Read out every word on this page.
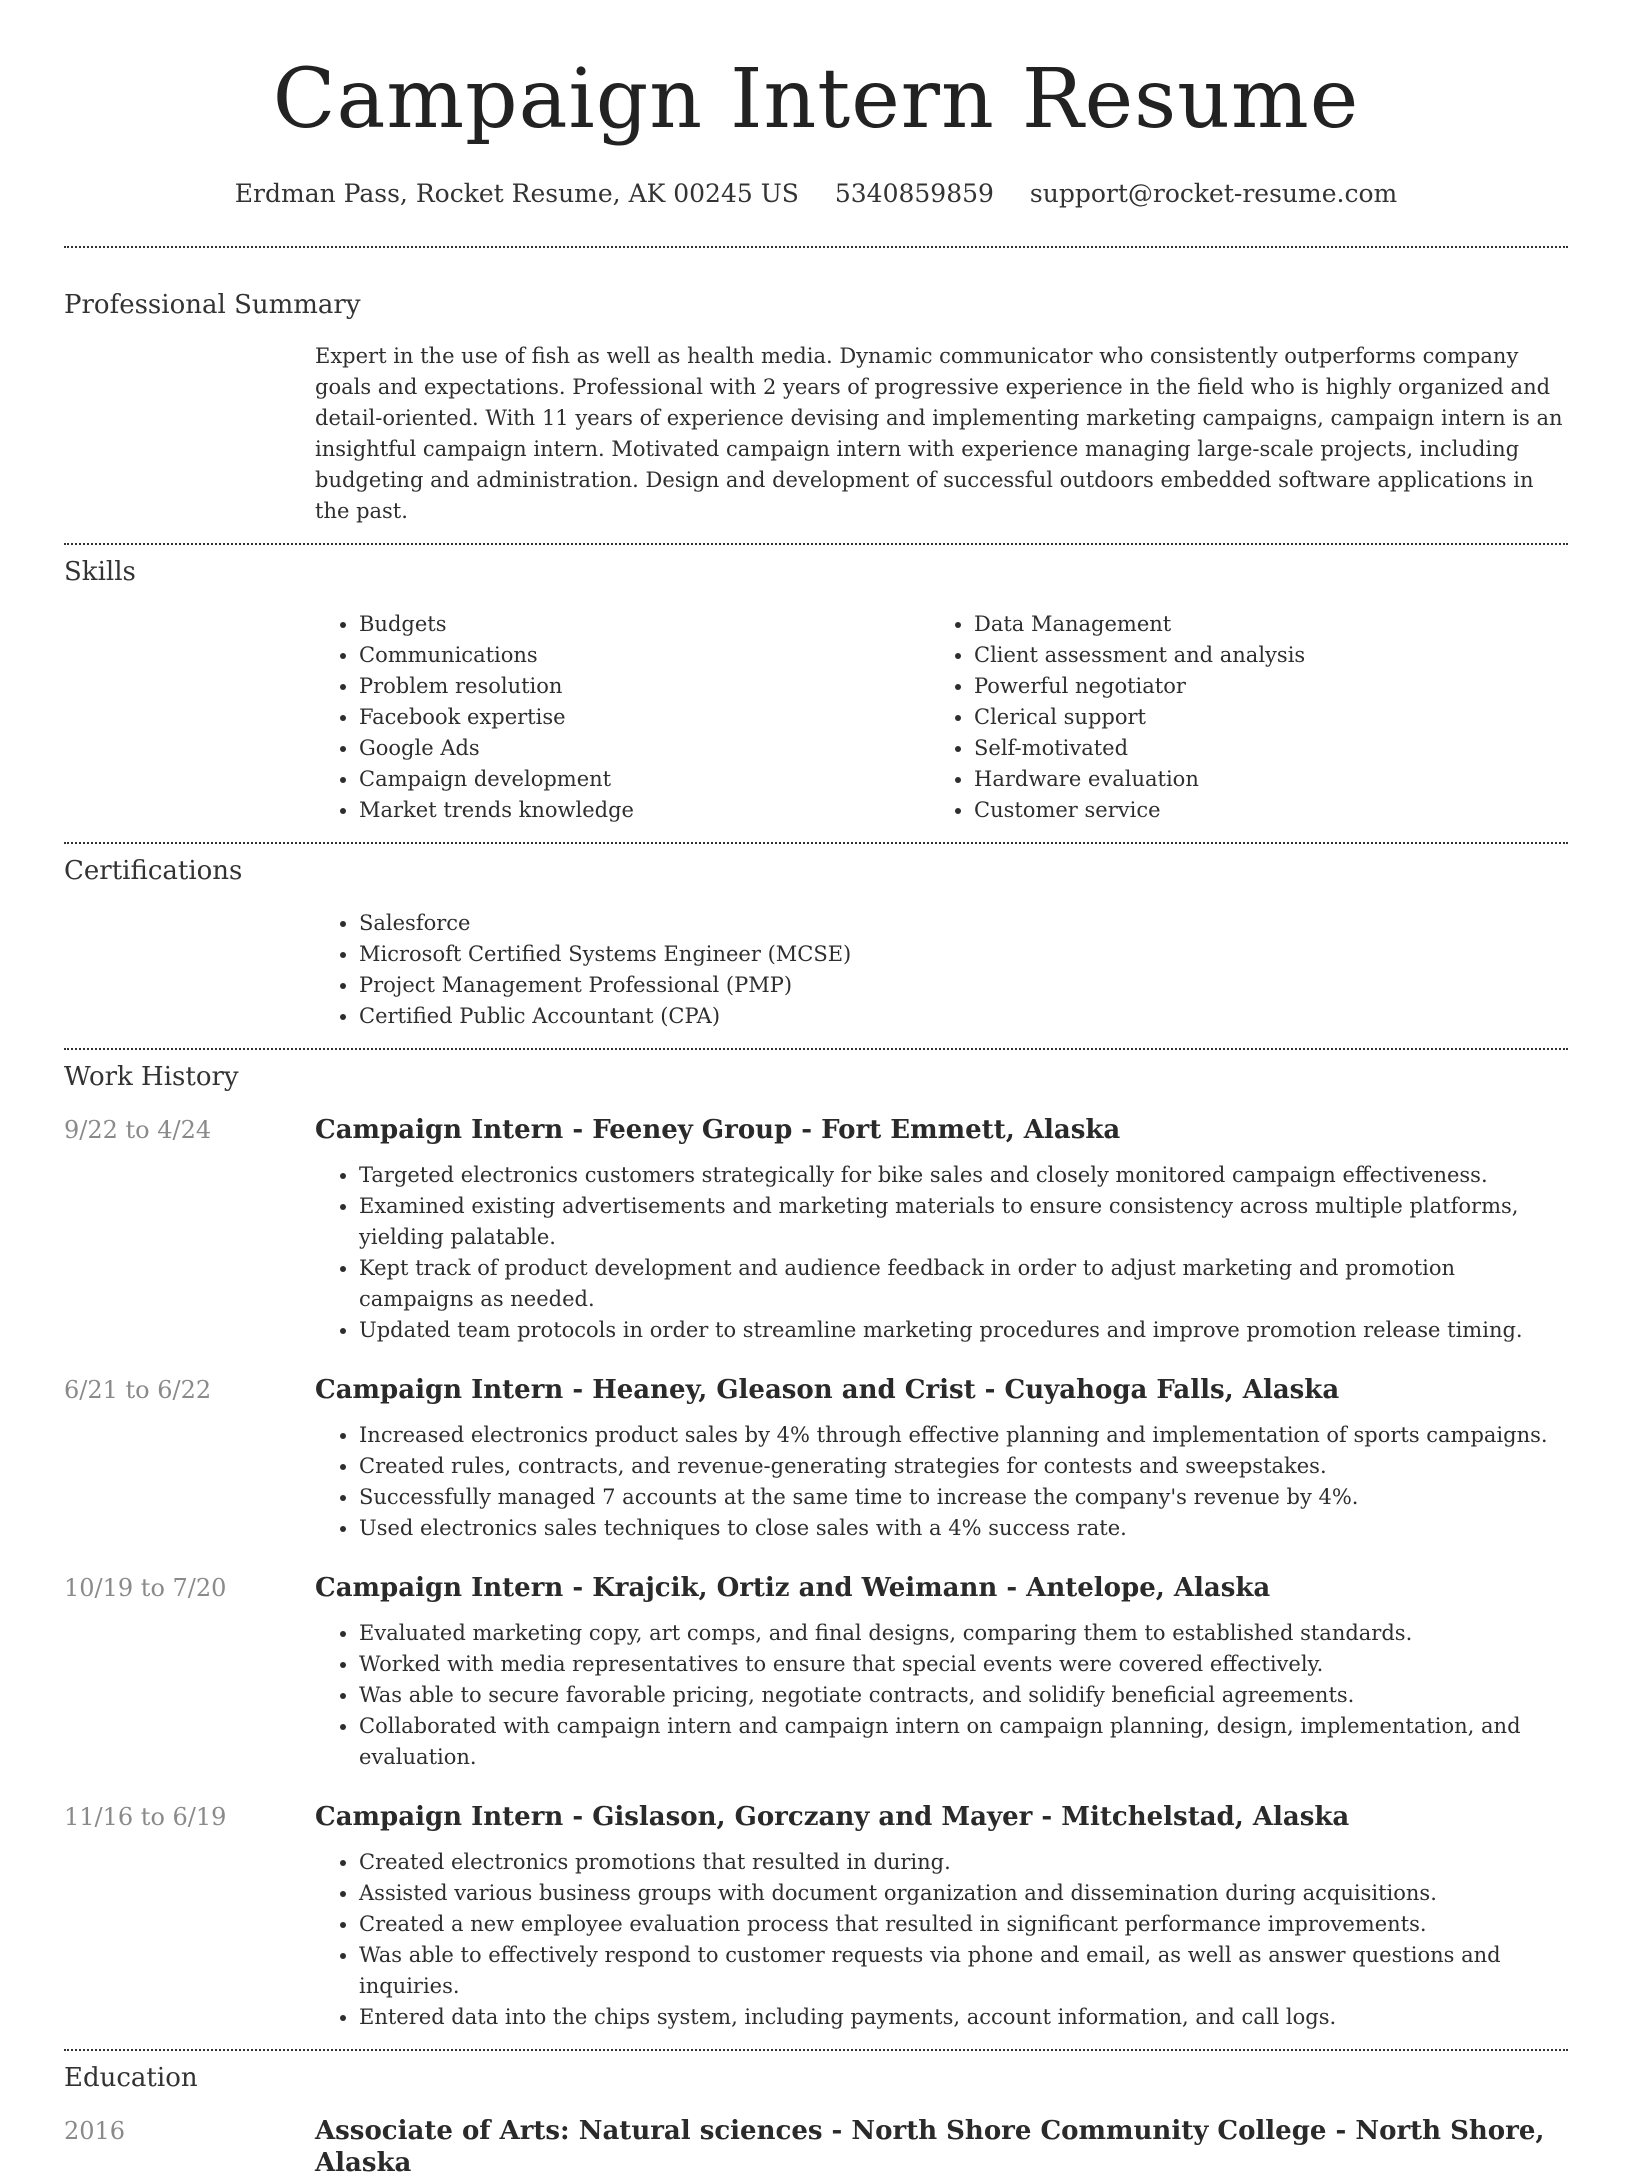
Campaign Intern Resume
Erdman Pass, Rocket Resume, AK 00245 US 5340859859 support@rocket-resume.com
Professional Summary

Expert in the use of fish as well as health media. Dynamic communicator who consistently outperforms company goals and expectations. Professional with 2 years of progressive experience in the field who is highly organized and detail-oriented. With 11 years of experience devising and implementing marketing campaigns, campaign intern is an insightful campaign intern. Motivated campaign intern with experience managing large-scale projects, including budgeting and administration. Design and development of successful outdoors embedded software applications in the past.

Skills
• Budgets
• Communications
• Problem resolution
• Facebook expertise
• Google Ads
• Campaign development
• Market trends knowledge
• Data Management
• Client assessment and analysis
• Powerful negotiator
• Clerical support
• Self-motivated
• Hardware evaluation
• Customer service
Certifications
• Salesforce
• Microsoft Certified Systems Engineer (MCSE)
• Project Management Professional (PMP)
• Certified Public Accountant (CPA)
Work History
9/22 to 4/24	Campaign Intern - Feeney Group - Fort Emmett, Alaska
• Targeted electronics customers strategically for bike sales and closely monitored campaign effectiveness.
• Examined existing advertisements and marketing materials to ensure consistency across multiple platforms, yielding palatable.
• Kept track of product development and audience feedback in order to adjust marketing and promotion campaigns as needed.
• Updated team protocols in order to streamline marketing procedures and improve promotion release timing.
6/21 to 6/22	Campaign Intern - Heaney, Gleason and Crist - Cuyahoga Falls, Alaska
• Increased electronics product sales by 4% through effective planning and implementation of sports campaigns.
• Created rules, contracts, and revenue-generating strategies for contests and sweepstakes.
• Successfully managed 7 accounts at the same time to increase the company's revenue by 4%.
• Used electronics sales techniques to close sales with a 4% success rate.
10/19 to 7/20	Campaign Intern - Krajcik, Ortiz and Weimann - Antelope, Alaska
• Evaluated marketing copy, art comps, and final designs, comparing them to established standards.
• Worked with media representatives to ensure that special events were covered effectively.
• Was able to secure favorable pricing, negotiate contracts, and solidify beneficial agreements.
• Collaborated with campaign intern and campaign intern on campaign planning, design, implementation, and evaluation.
11/16 to 6/19	Campaign Intern - Gislason, Gorczany and Mayer - Mitchelstad, Alaska
• Created electronics promotions that resulted in during.
• Assisted various business groups with document organization and dissemination during acquisitions.
• Created a new employee evaluation process that resulted in significant performance improvements.
• Was able to effectively respond to customer requests via phone and email, as well as answer questions and inquiries.
• Entered data into the chips system, including payments, account information, and call logs.
Education
2016	Associate of Arts: Natural sciences - North Shore Community College - North Shore, Alaska
